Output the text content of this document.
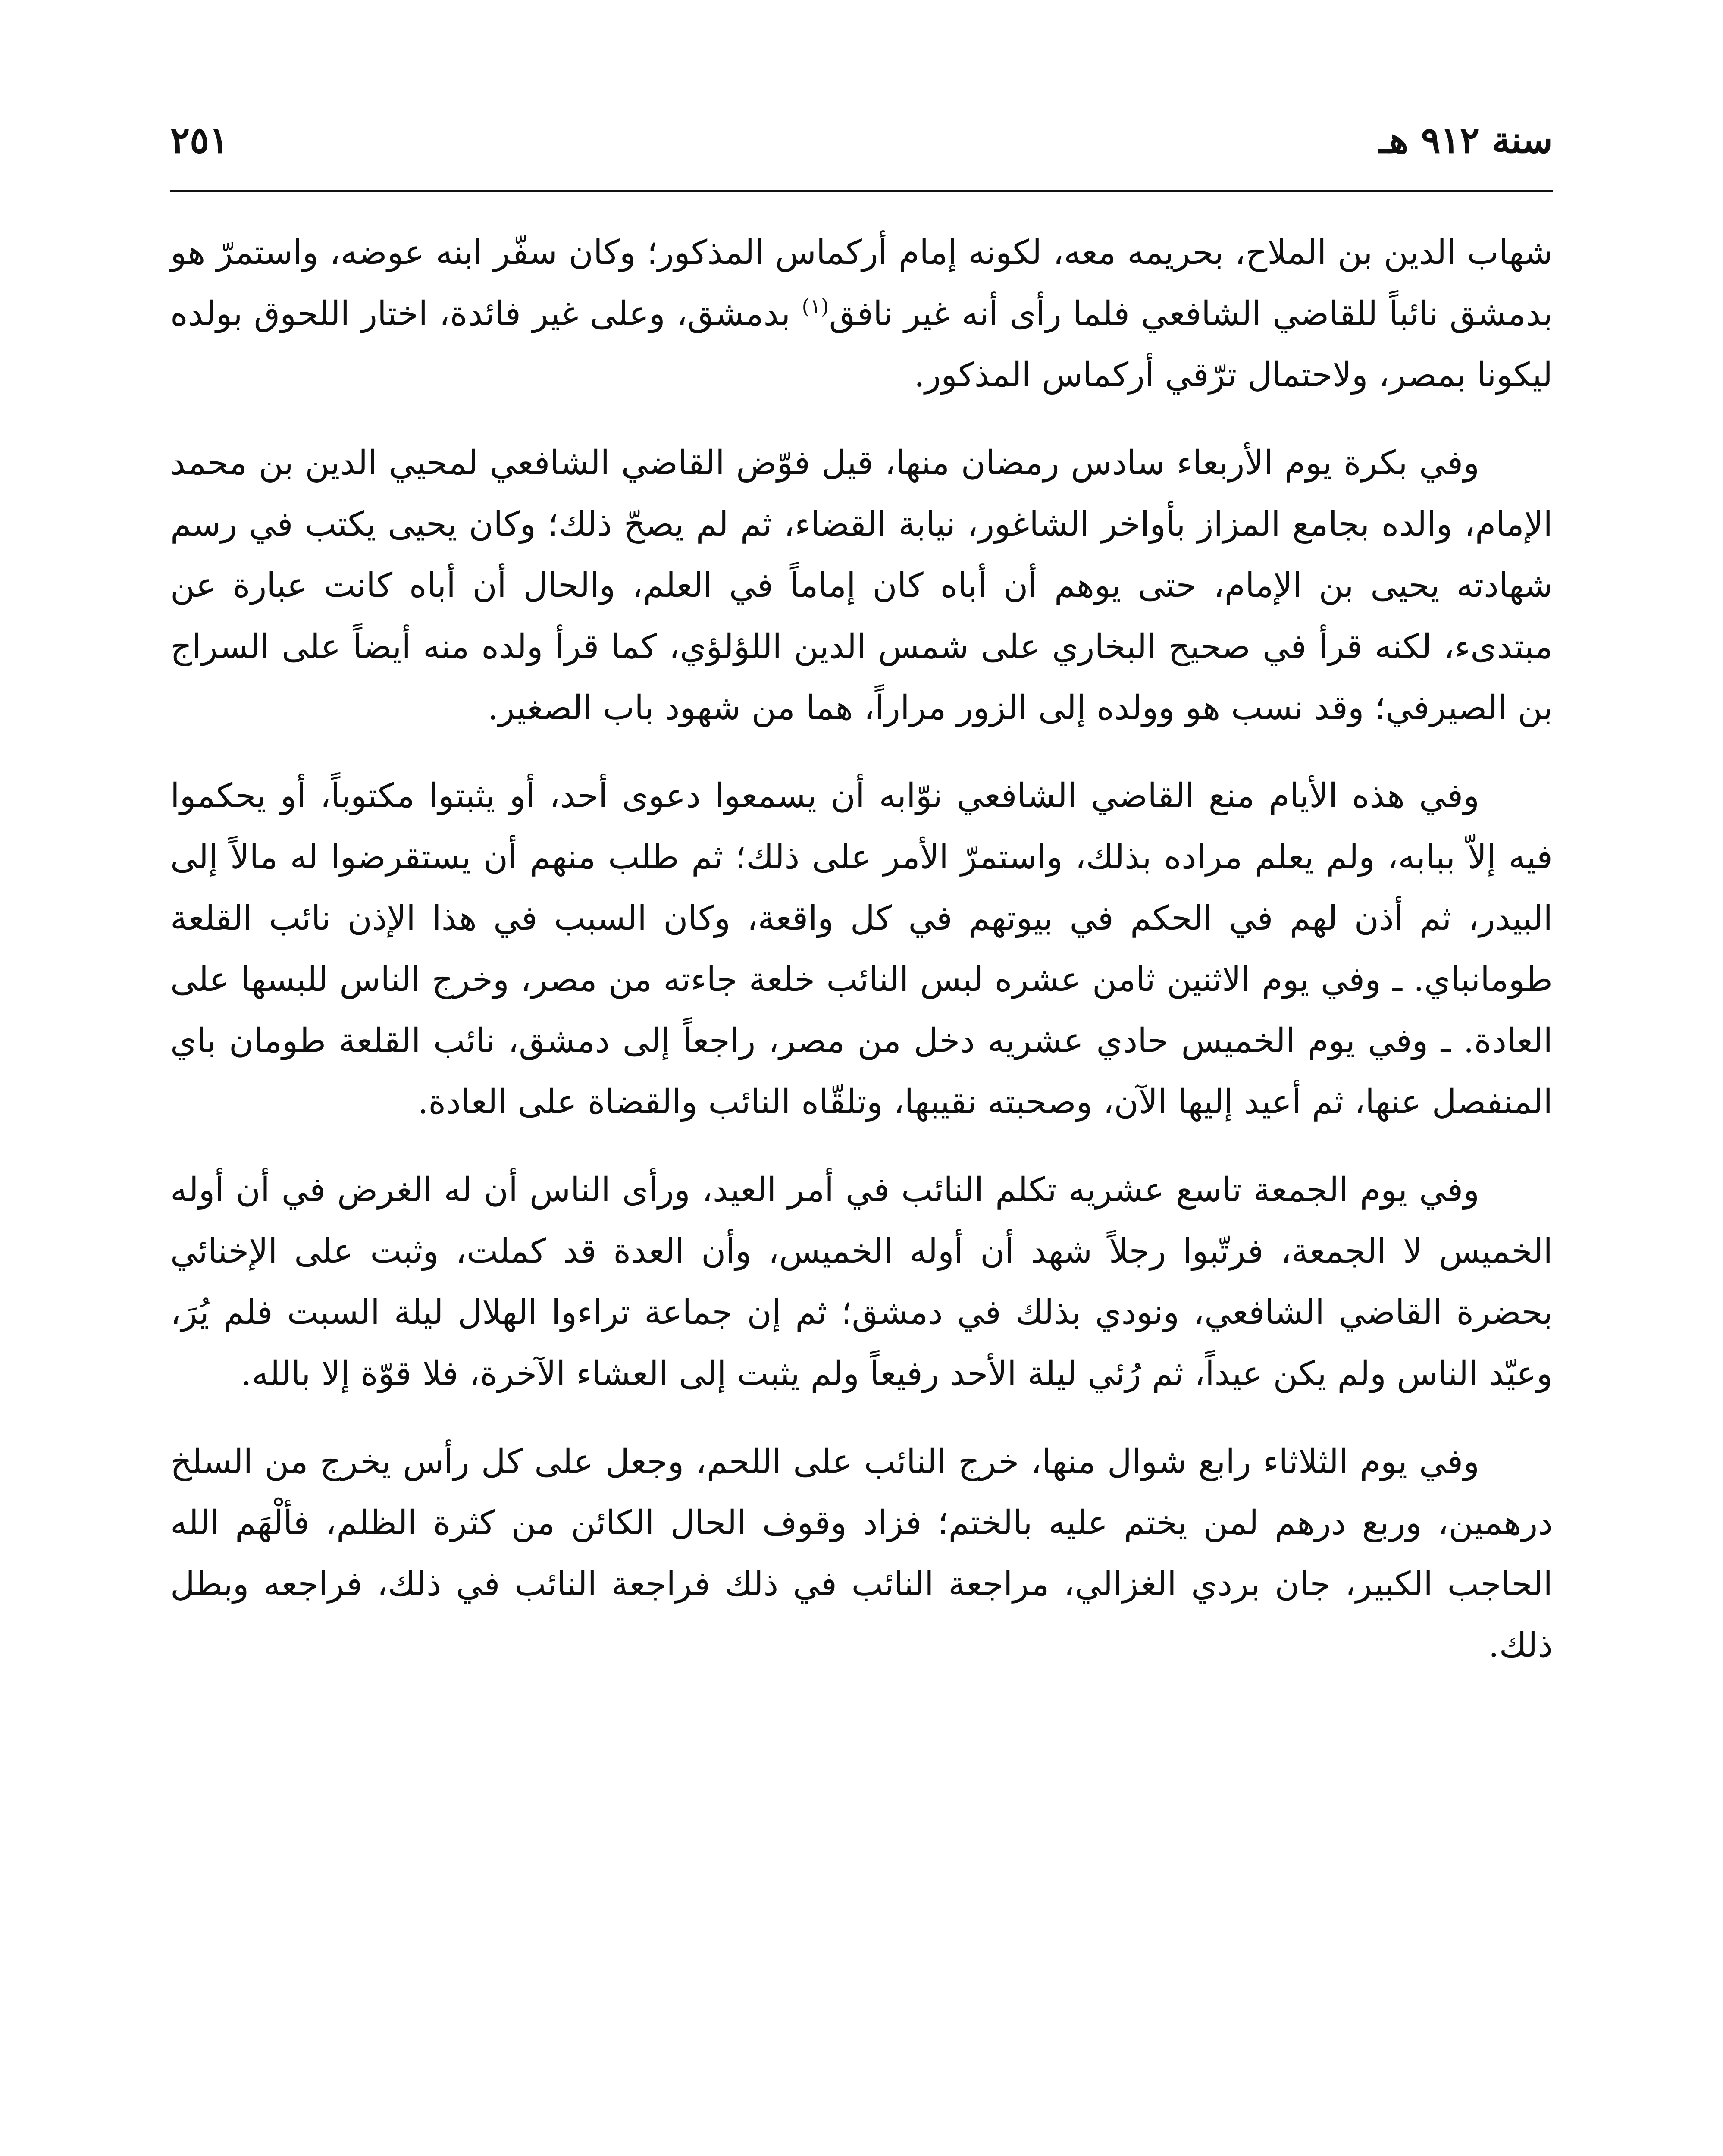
سنة ٩١٢ هـ
٢٥١

شهاب الدين بن الملاح، بحريمه معه، لكونه إمام أركماس المذكور؛ وكان سفّر ابنه عوضه، واستمرّ هو بدمشق نائباً للقاضي الشافعي فلما رأى أنه غير نافق$^{(١)}$ بدمشق، وعلى غير فائدة، اختار اللحوق بولده ليكونا بمصر، ولاحتمال ترّقي أركماس المذكور.

وفي بكرة يوم الأربعاء سادس رمضان منها، قيل فوّض القاضي الشافعي لمحيي الدين بن محمد الإمام، والده بجامع المزاز بأواخر الشاغور، نيابة القضاء، ثم لم يصحّ ذلك؛ وكان يحيى يكتب في رسم شهادته يحيى بن الإمام، حتى يوهم أن أباه كان إماماً في العلم، والحال أن أباه كانت عبارة عن مبتدىء، لكنه قرأ في صحيح البخاري على شمس الدين اللؤلؤي، كما قرأ ولده منه أيضاً على السراج بن الصيرفي؛ وقد نسب هو وولده إلى الزور مراراً، هما من شهود باب الصغير.

وفي هذه الأيام منع القاضي الشافعي نوّابه أن يسمعوا دعوى أحد، أو يثبتوا مكتوباً، أو يحكموا فيه إلاّ ببابه، ولم يعلم مراده بذلك، واستمرّ الأمر على ذلك؛ ثم طلب منهم أن يستقرضوا له مالاً إلى البيدر، ثم أذن لهم في الحكم في بيوتهم في كل واقعة، وكان السبب في هذا الإذن نائب القلعة طومانباي. ـ وفي يوم الاثنين ثامن عشره لبس النائب خلعة جاءته من مصر، وخرج الناس للبسها على العادة. ـ وفي يوم الخميس حادي عشريه دخل من مصر، راجعاً إلى دمشق، نائب القلعة طومان باي المنفصل عنها، ثم أعيد إليها الآن، وصحبته نقيبها، وتلقّاه النائب والقضاة على العادة.

وفي يوم الجمعة تاسع عشريه تكلم النائب في أمر العيد، ورأى الناس أن له الغرض في أن أوله الخميس لا الجمعة، فرتّبوا رجلاً شهد أن أوله الخميس، وأن العدة قد كملت، وثبت على الإخنائي بحضرة القاضي الشافعي، ونودي بذلك في دمشق؛ ثم إن جماعة تراءوا الهلال ليلة السبت فلم يُرَ، وعيّد الناس ولم يكن عيداً، ثم رُئي ليلة الأحد رفيعاً ولم يثبت إلى العشاء الآخرة، فلا قوّة إلا بالله.

وفي يوم الثلاثاء رابع شوال منها، خرج النائب على اللحم، وجعل على كل رأس يخرج من السلخ درهمين، وربع درهم لمن يختم عليه بالختم؛ فزاد وقوف الحال الكائن من كثرة الظلم، فألْهَم الله الحاجب الكبير، جان بردي الغزالي، مراجعة النائب في ذلك فراجعة النائب في ذلك، فراجعه وبطل ذلك.
